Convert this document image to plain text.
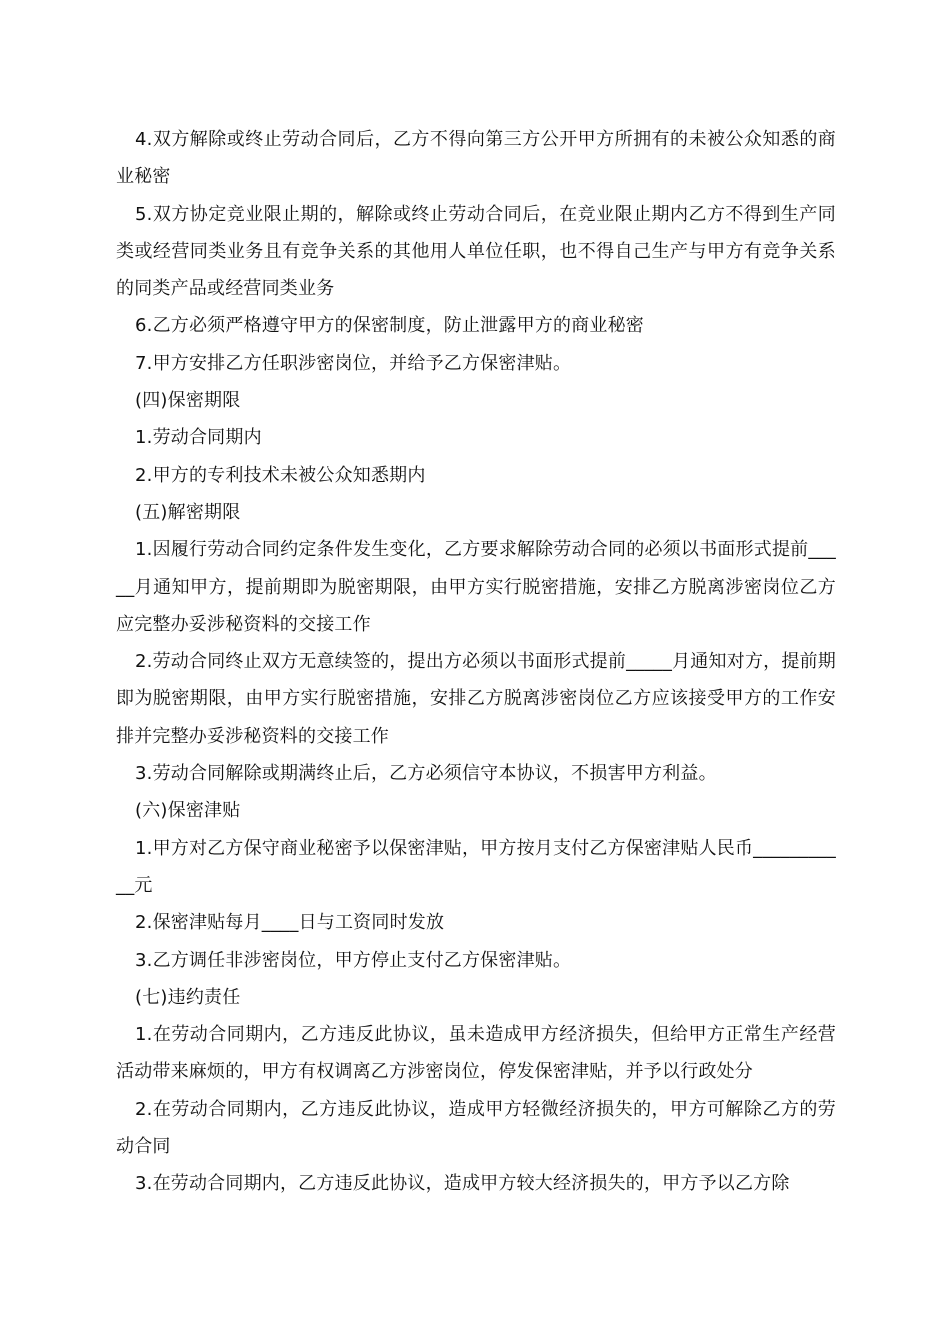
4.双方解除或终止劳动合同后，乙方不得向第三方公开甲方所拥有的未被公众知悉的商业秘密

5.双方协定竞业限止期的，解除或终止劳动合同后，在竞业限止期内乙方不得到生产同类或经营同类业务且有竞争关系的其他用人单位任职，也不得自己生产与甲方有竞争关系的同类产品或经营同类业务

6.乙方必须严格遵守甲方的保密制度，防止泄露甲方的商业秘密

7.甲方安排乙方任职涉密岗位，并给予乙方保密津贴。

(四)保密期限

1.劳动合同期内

2.甲方的专利技术未被公众知悉期内

(五)解密期限

1.因履行劳动合同约定条件发生变化，乙方要求解除劳动合同的必须以书面形式提前_____月通知甲方，提前期即为脱密期限，由甲方实行脱密措施，安排乙方脱离涉密岗位乙方应完整办妥涉秘资料的交接工作

2.劳动合同终止双方无意续签的，提出方必须以书面形式提前_____月通知对方，提前期即为脱密期限，由甲方实行脱密措施，安排乙方脱离涉密岗位乙方应该接受甲方的工作安排并完整办妥涉秘资料的交接工作

3.劳动合同解除或期满终止后，乙方必须信守本协议，不损害甲方利益。

(六)保密津贴

1.甲方对乙方保守商业秘密予以保密津贴，甲方按月支付乙方保密津贴人民币___________元

2.保密津贴每月____日与工资同时发放

3.乙方调任非涉密岗位，甲方停止支付乙方保密津贴。

(七)违约责任

1.在劳动合同期内，乙方违反此协议，虽未造成甲方经济损失，但给甲方正常生产经营活动带来麻烦的，甲方有权调离乙方涉密岗位，停发保密津贴，并予以行政处分

2.在劳动合同期内，乙方违反此协议，造成甲方轻微经济损失的，甲方可解除乙方的劳动合同

3.在劳动合同期内，乙方违反此协议，造成甲方较大经济损失的，甲方予以乙方除
